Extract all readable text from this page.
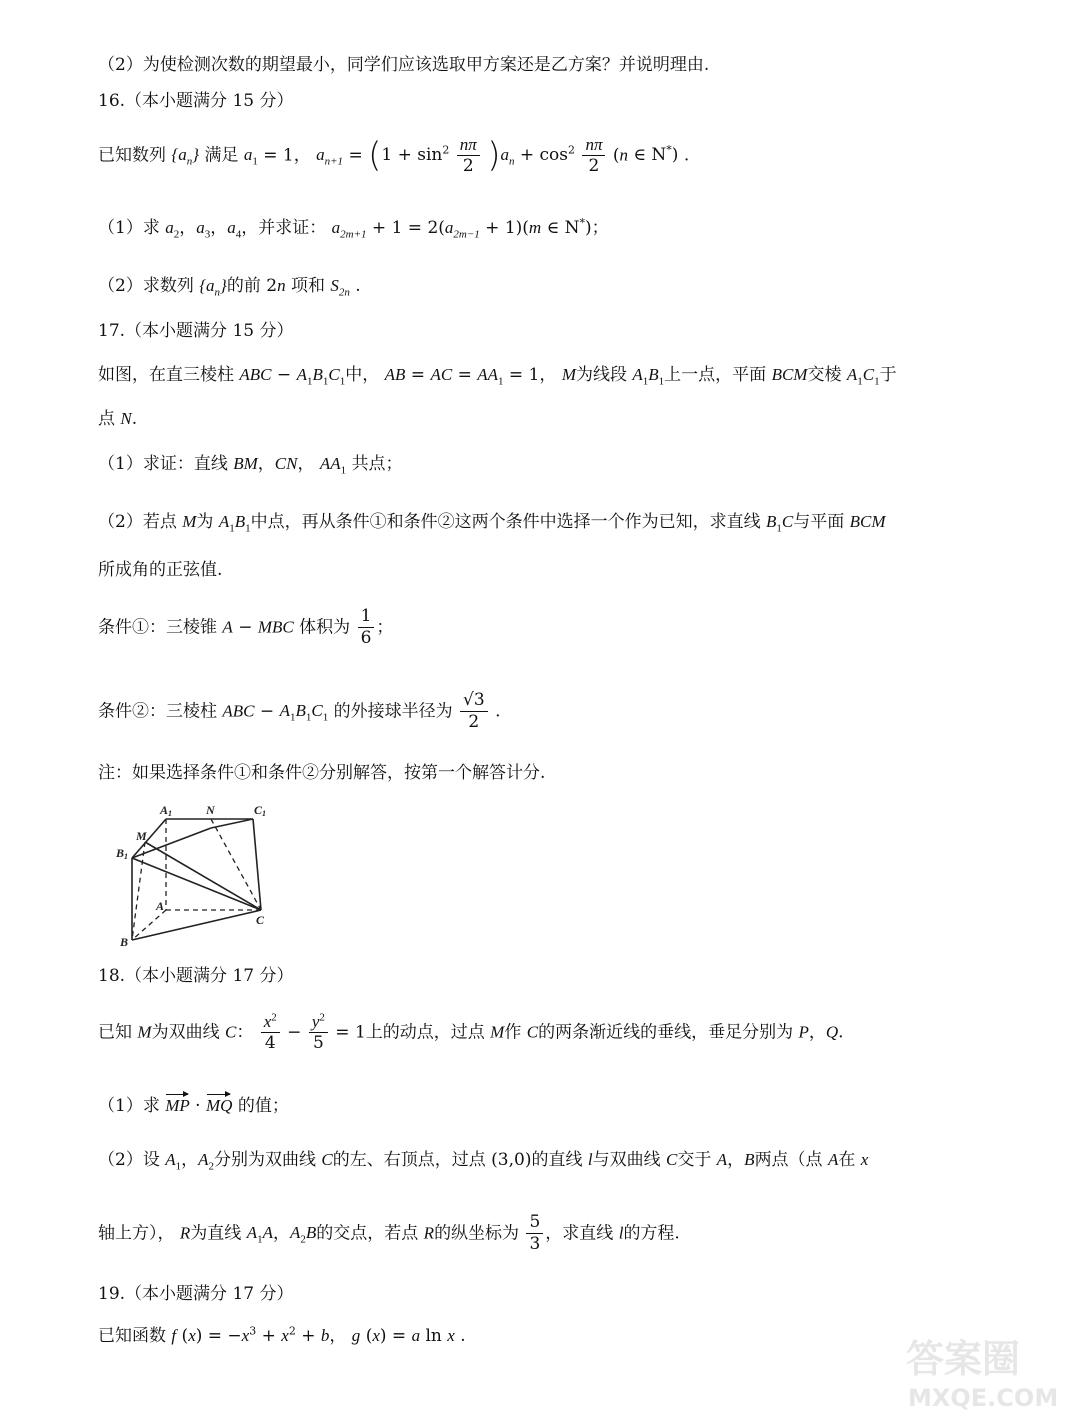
（2）为使检测次数的期望最小，同学们应该选取甲方案还是乙方案？并说明理由.
16.（本小题满分 15 分）
已知数列 $\{a_n\}$ 满足 $a_1 = 1$， $a_{n+1} = (1 + \sin^2 \frac{n\pi}{2} )a_n + \cos^2 \frac{n\pi}{2} (n$ ∈ N*) .
（1）求 $a_2$，$a_3$，$a_4$，并求证： $a_{2m+1} + 1 = 2(a_{2m-1} + 1)(m$ ∈ N*)；
（2）求数列 $\{a_n\}$的前 2n 项和 $S_{2n}$ .
17.（本小题满分 15 分）
如图，在直三棱柱 ABC − $A_1B_1C_1$中， AB = AC = $AA_1 = 1$， M为线段 $A_1B_1$上一点，平面 BCM交棱 $A_1C_1$于
点 N.
（1）求证：直线 BM，CN， $AA_1$ 共点；
（2）若点 M为 $A_1B_1$中点，再从条件①和条件②这两个条件中选择一个作为已知，求直线 $B_1C$与平面 BCM
所成角的正弦值.
条件①：三棱锥 A − MBC 体积为 $\frac{1}{6}$ ；
条件②：三棱柱 ABC − $A_1B_1C_1$ 的外接球半径为 $\frac{√3}{2}$ .
注：如果选择条件①和条件②分别解答，按第一个解答计分.
A1	N	C1
M
B1
A
C
B
18.（本小题满分 17 分）
已知 M为双曲线 C： $\frac{x^2}{4} - \frac{y^2}{5} = 1$上的动点，过点 M作 C的两条渐近线的垂线，垂足分别为 P，Q.
（1）求 MP · MQ 的值；
（2）设 $A_1$，$A_2$分别为双曲线 C的左、右顶点，过点 (3,0)的直线 l与双曲线 C交于 A，B两点（点 A在 x
轴上方）， R为直线 $A_1A$，$A_2B$的交点，若点 R的纵坐标为 $\frac{5}{3}$ ，求直线 l的方程.
19.（本小题满分 17 分）
已知函数 f $(x) = -x^3 + x^2 + b$， g (x) = a ln x .
答案圈
MXQE.COM
